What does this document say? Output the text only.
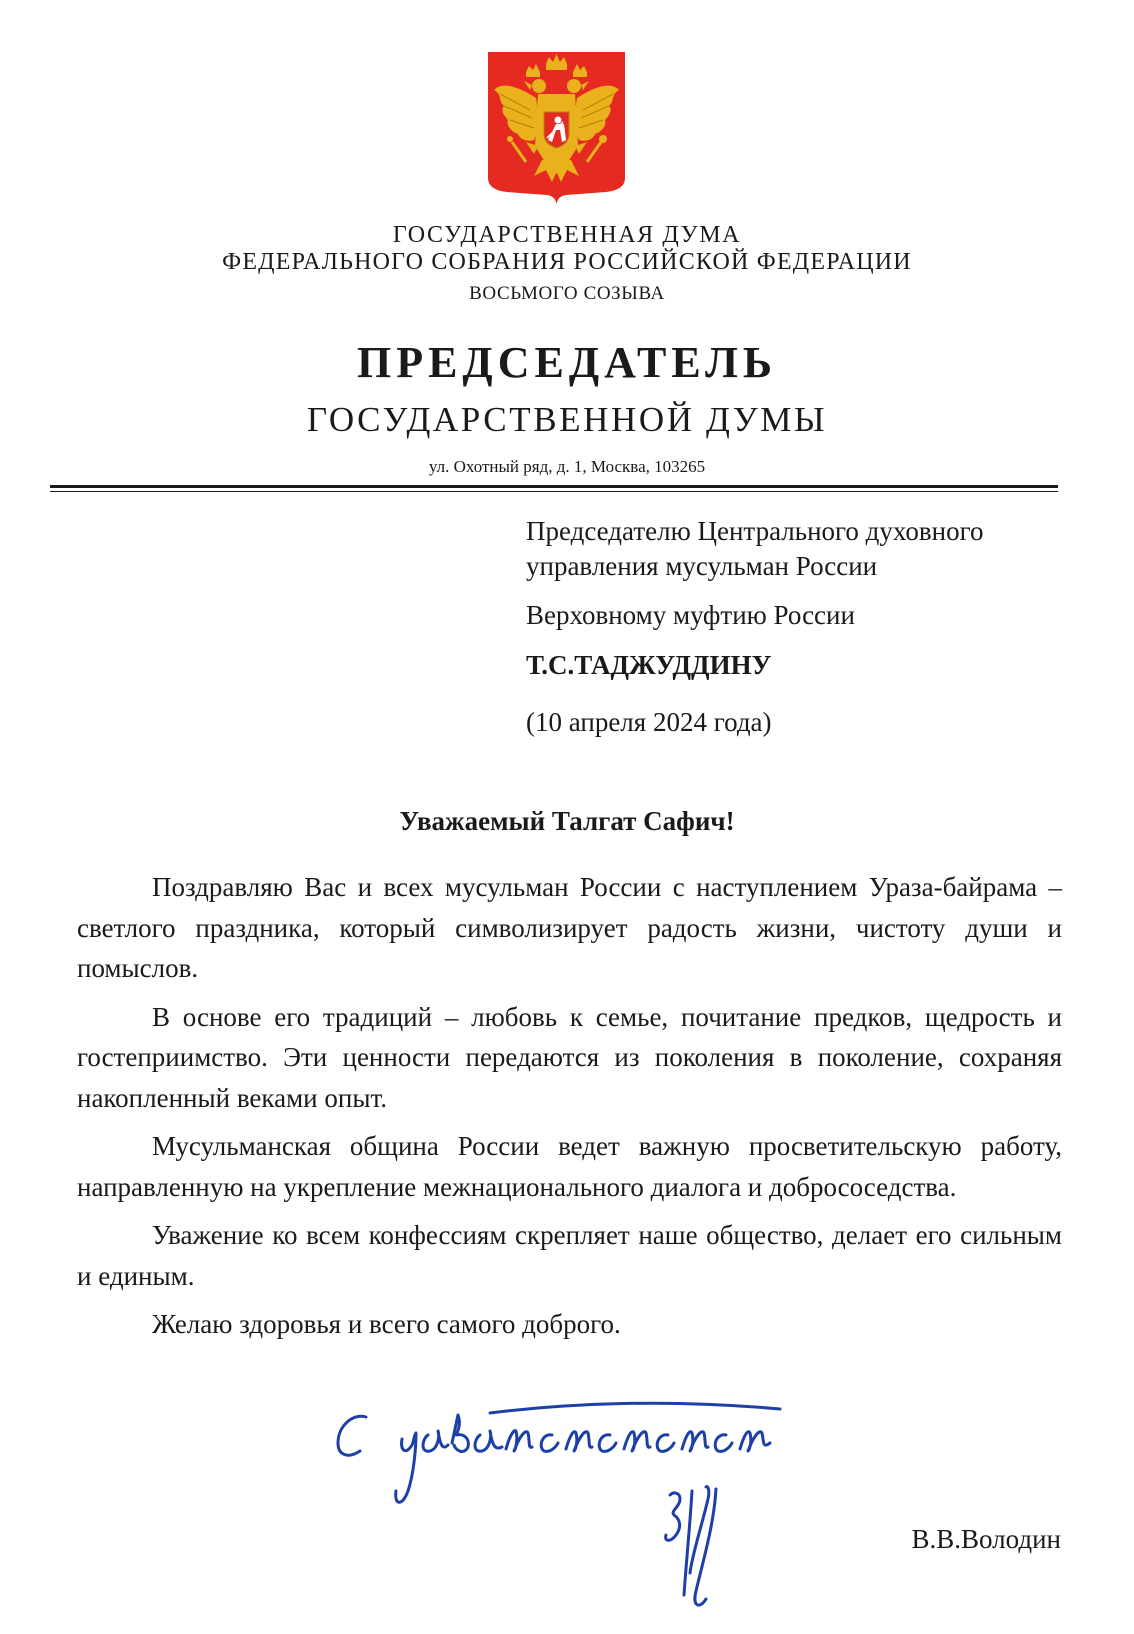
ГОСУДАРСТВЕННАЯ ДУМА
ФЕДЕРАЛЬНОГО СОБРАНИЯ РОССИЙСКОЙ ФЕДЕРАЦИИ
ВОСЬМОГО СОЗЫВА
ПРЕДСЕДАТЕЛЬ
ГОСУДАРСТВЕННОЙ ДУМЫ
ул. Охотный ряд, д. 1, Москва, 103265
Председателю Центрального духовного
управления мусульман России
Верховному муфтию России
Т.С.ТАДЖУДДИНУ
(10 апреля 2024 года)
Уважаемый Талгат Сафич!

Поздравляю Вас и всех мусульман России с наступлением Ураза-байрама – светлого праздника, который символизирует радость жизни, чистоту души и помыслов.

В основе его традиций – любовь к семье, почитание предков, щедрость и гостеприимство. Эти ценности передаются из поколения в поколение, сохраняя накопленный веками опыт.

Мусульманская община России ведет важную просветительскую работу, направленную на укрепление межнационального диалога и добрососедства.

Уважение ко всем конфессиям скрепляет наше общество, делает его сильным и единым.

Желаю здоровья и всего самого доброго.

В.В.Володин
